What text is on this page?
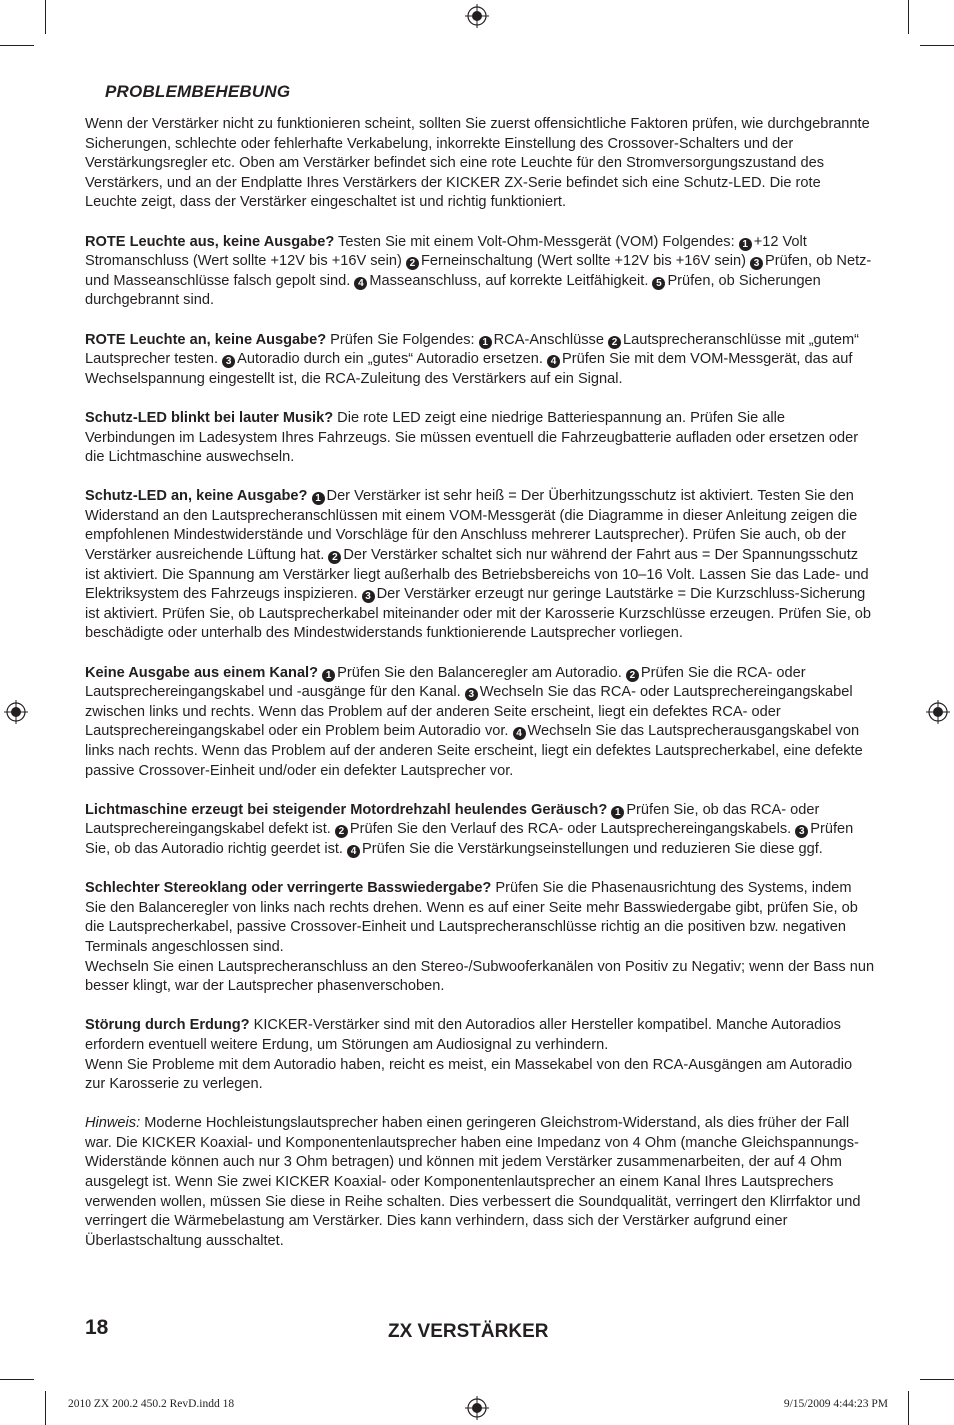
PROBLEMBEHEBUNG

Wenn der Verstärker nicht zu funktionieren scheint, sollten Sie zuerst offensichtliche Faktoren prüfen, wie durchgebrannte Sicherungen, schlechte oder fehlerhafte Verkabelung, inkorrekte Einstellung des Crossover-Schalters und der Verstärkungsregler etc. Oben am Verstärker befindet sich eine rote Leuchte für den Stromversorgungszustand des Verstärkers, und an der Endplatte Ihres Verstärkers der KICKER ZX-Serie befindet sich eine Schutz-LED. Die rote Leuchte zeigt, dass der Verstärker eingeschaltet ist und richtig funktioniert.

ROTE Leuchte aus, keine Ausgabe? Testen Sie mit einem Volt-Ohm-Messgerät (VOM) Folgendes: 1 +12 Volt Stromanschluss (Wert sollte +12V bis +16V sein) 2 Ferneinschaltung (Wert sollte +12V bis +16V sein) 3 Prüfen, ob Netz- und Masseanschlüsse falsch gepolt sind. 4 Masseanschluss, auf korrekte Leitfähigkeit. 5 Prüfen, ob Sicherungen durchgebrannt sind.

ROTE Leuchte an, keine Ausgabe? Prüfen Sie Folgendes: 1 RCA-Anschlüsse 2 Lautsprecheranschlüsse mit „gutem“ Lautsprecher testen. 3 Autoradio durch ein „gutes“ Autoradio ersetzen. 4 Prüfen Sie mit dem VOM-Messgerät, das auf Wechselspannung eingestellt ist, die RCA-Zuleitung des Verstärkers auf ein Signal.

Schutz-LED blinkt bei lauter Musik? Die rote LED zeigt eine niedrige Batteriespannung an. Prüfen Sie alle Verbindungen im Ladesystem Ihres Fahrzeugs. Sie müssen eventuell die Fahrzeugbatterie aufladen oder ersetzen oder die Lichtmaschine auswechseln.

Schutz-LED an, keine Ausgabe? 1 Der Verstärker ist sehr heiß = Der Überhitzungsschutz ist aktiviert. Testen Sie den Widerstand an den Lautsprecheranschlüssen mit einem VOM-Messgerät (die Diagramme in dieser Anleitung zeigen die empfohlenen Mindestwiderstände und Vorschläge für den Anschluss mehrerer Lautsprecher). Prüfen Sie auch, ob der Verstärker ausreichende Lüftung hat. 2 Der Verstärker schaltet sich nur während der Fahrt aus = Der Spannungsschutz ist aktiviert. Die Spannung am Verstärker liegt außerhalb des Betriebsbereichs von 10–16 Volt. Lassen Sie das Lade- und Elektriksystem des Fahrzeugs inspizieren. 3 Der Verstärker erzeugt nur geringe Lautstärke = Die Kurzschluss-Sicherung ist aktiviert. Prüfen Sie, ob Lautsprecherkabel miteinander oder mit der Karosserie Kurzschlüsse erzeugen. Prüfen Sie, ob beschädigte oder unterhalb des Mindestwiderstands funktionierende Lautsprecher vorliegen.

Keine Ausgabe aus einem Kanal? 1 Prüfen Sie den Balanceregler am Autoradio. 2 Prüfen Sie die RCA- oder Lautsprechereingangskabel und -ausgänge für den Kanal. 3 Wechseln Sie das RCA- oder Lautsprechereingangskabel zwischen links und rechts. Wenn das Problem auf der anderen Seite erscheint, liegt ein defektes RCA- oder Lautsprechereingangskabel oder ein Problem beim Autoradio vor. 4 Wechseln Sie das Lautsprecherausgangskabel von links nach rechts. Wenn das Problem auf der anderen Seite erscheint, liegt ein defektes Lautsprecherkabel, eine defekte passive Crossover-Einheit und/oder ein defekter Lautsprecher vor.

Lichtmaschine erzeugt bei steigender Motordrehzahl heulendes Geräusch? 1 Prüfen Sie, ob das RCA- oder Lautsprechereingangskabel defekt ist. 2 Prüfen Sie den Verlauf des RCA- oder Lautsprechereingangskabels. 3 Prüfen Sie, ob das Autoradio richtig geerdet ist. 4 Prüfen Sie die Verstärkungseinstellungen und reduzieren Sie diese ggf.

Schlechter Stereoklang oder verringerte Basswiedergabe? Prüfen Sie die Phasenausrichtung des Systems, indem Sie den Balanceregler von links nach rechts drehen. Wenn es auf einer Seite mehr Basswiedergabe gibt, prüfen Sie, ob die Lautsprecherkabel, passive Crossover-Einheit und Lautsprecheranschlüsse richtig an die positiven bzw. negativen Terminals angeschlossen sind.
Wechseln Sie einen Lautsprecheranschluss an den Stereo-/Subwooferkanälen von Positiv zu Negativ; wenn der Bass nun besser klingt, war der Lautsprecher phasenverschoben.

Störung durch Erdung? KICKER-Verstärker sind mit den Autoradios aller Hersteller kompatibel. Manche Autoradios erfordern eventuell weitere Erdung, um Störungen am Audiosignal zu verhindern.
Wenn Sie Probleme mit dem Autoradio haben, reicht es meist, ein Massekabel von den RCA-Ausgängen am Autoradio zur Karosserie zu verlegen.

Hinweis: Moderne Hochleistungslautsprecher haben einen geringeren Gleichstrom-Widerstand, als dies früher der Fall war. Die KICKER Koaxial- und Komponentenlautsprecher haben eine Impedanz von 4 Ohm (manche Gleichspannungs-Widerstände können auch nur 3 Ohm betragen) und können mit jedem Verstärker zusammenarbeiten, der auf 4 Ohm ausgelegt ist. Wenn Sie zwei KICKER Koaxial- oder Komponentenlautsprecher an einem Kanal Ihres Lautsprechers verwenden wollen, müssen Sie diese in Reihe schalten. Dies verbessert die Soundqualität, verringert den Klirrfaktor und verringert die Wärmebelastung am Verstärker. Dies kann verhindern, dass sich der Verstärker aufgrund einer Überlastschaltung ausschaltet.

18	ZX VERSTÄRKER
2010 ZX 200.2 450.2 RevD.indd 18	9/15/2009 4:44:23 PM
